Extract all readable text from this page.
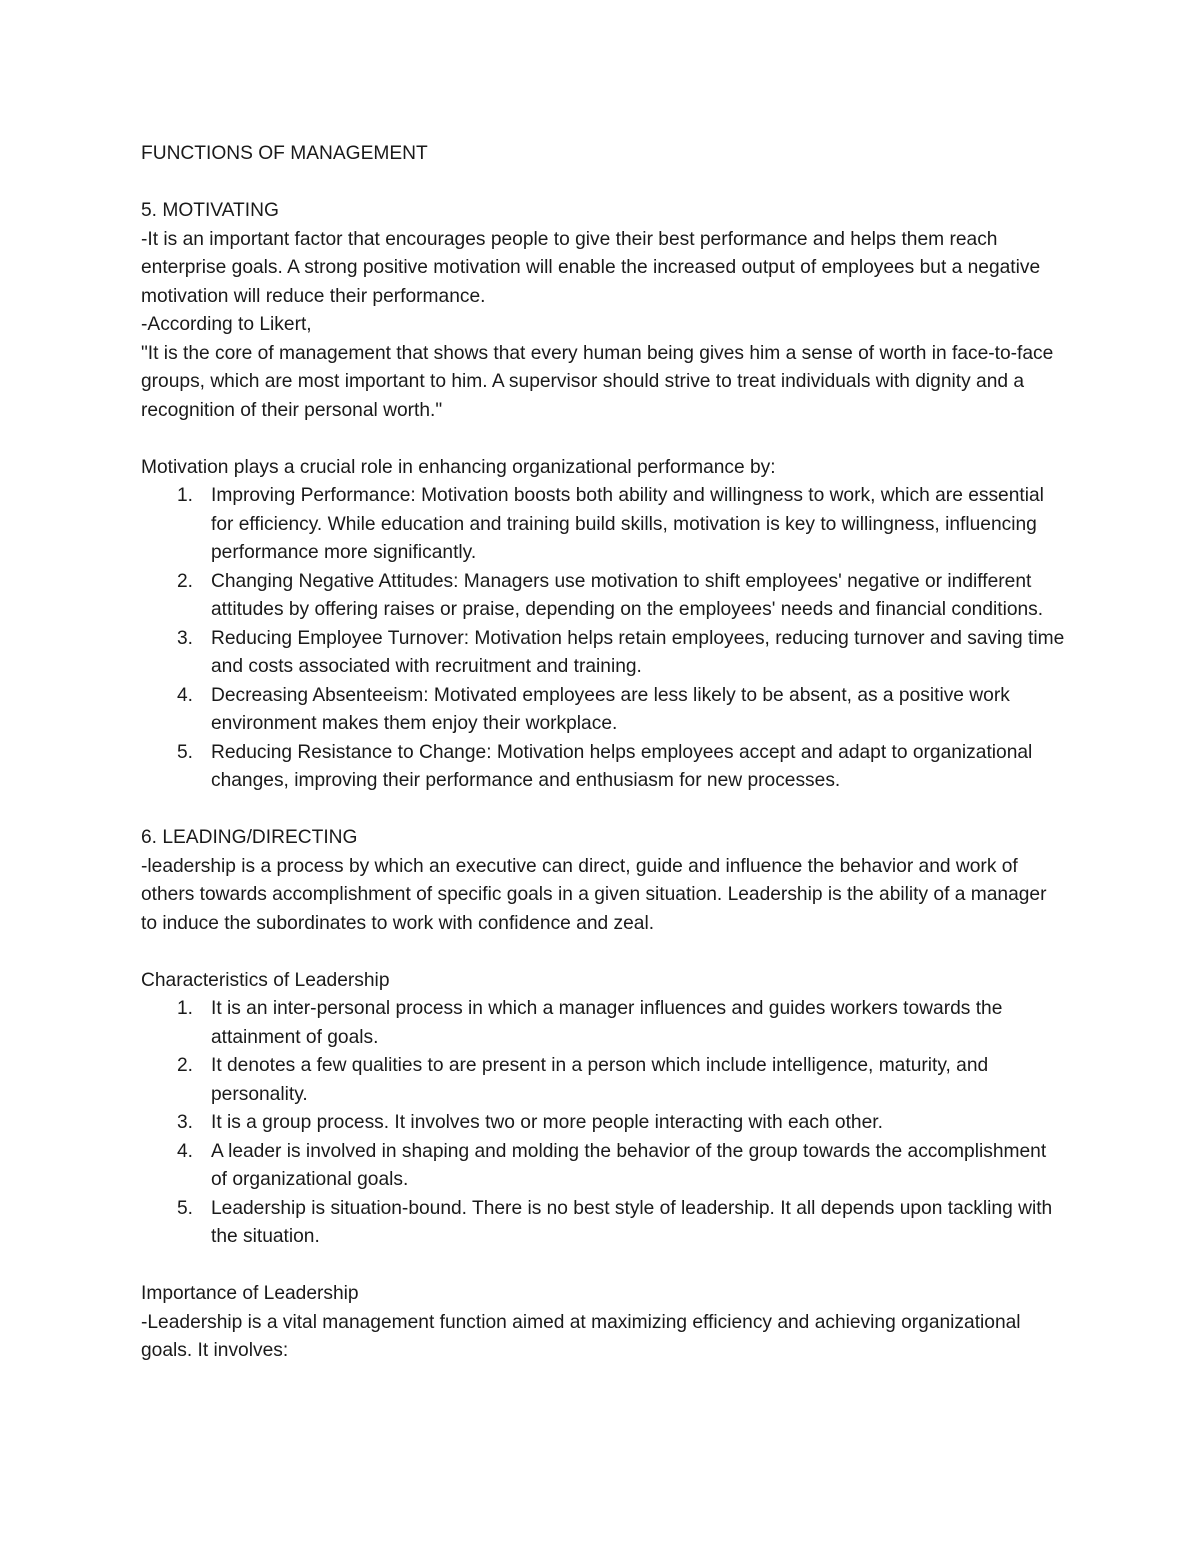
FUNCTIONS OF MANAGEMENT

5. MOTIVATING

-It is an important factor that encourages people to give their best performance and helps them reach enterprise goals. A strong positive motivation will enable the increased output of employees but a negative motivation will reduce their performance.

-According to Likert,

"It is the core of management that shows that every human being gives him a sense of worth in face-to-face groups, which are most important to him. A supervisor should strive to treat individuals with dignity and a recognition of their personal worth."

Motivation plays a crucial role in enhancing organizational performance by:

1. Improving Performance: Motivation boosts both ability and willingness to work, which are essential for efficiency. While education and training build skills, motivation is key to willingness, influencing performance more significantly.
2. Changing Negative Attitudes: Managers use motivation to shift employees' negative or indifferent attitudes by offering raises or praise, depending on the employees' needs and financial conditions.
3. Reducing Employee Turnover: Motivation helps retain employees, reducing turnover and saving time and costs associated with recruitment and training.
4. Decreasing Absenteeism: Motivated employees are less likely to be absent, as a positive work environment makes them enjoy their workplace.
5. Reducing Resistance to Change: Motivation helps employees accept and adapt to organizational changes, improving their performance and enthusiasm for new processes.

6. LEADING/DIRECTING

-leadership is a process by which an executive can direct, guide and influence the behavior and work of others towards accomplishment of specific goals in a given situation. Leadership is the ability of a manager to induce the subordinates to work with confidence and zeal.

Characteristics of Leadership

1. It is an inter-personal process in which a manager influences and guides workers towards the attainment of goals.
2. It denotes a few qualities to are present in a person which include intelligence, maturity, and personality.
3. It is a group process. It involves two or more people interacting with each other.
4. A leader is involved in shaping and molding the behavior of the group towards the accomplishment of organizational goals.
5. Leadership is situation-bound. There is no best style of leadership. It all depends upon tackling with the situation.

Importance of Leadership

-Leadership is a vital management function aimed at maximizing efficiency and achieving organizational goals. It involves:
